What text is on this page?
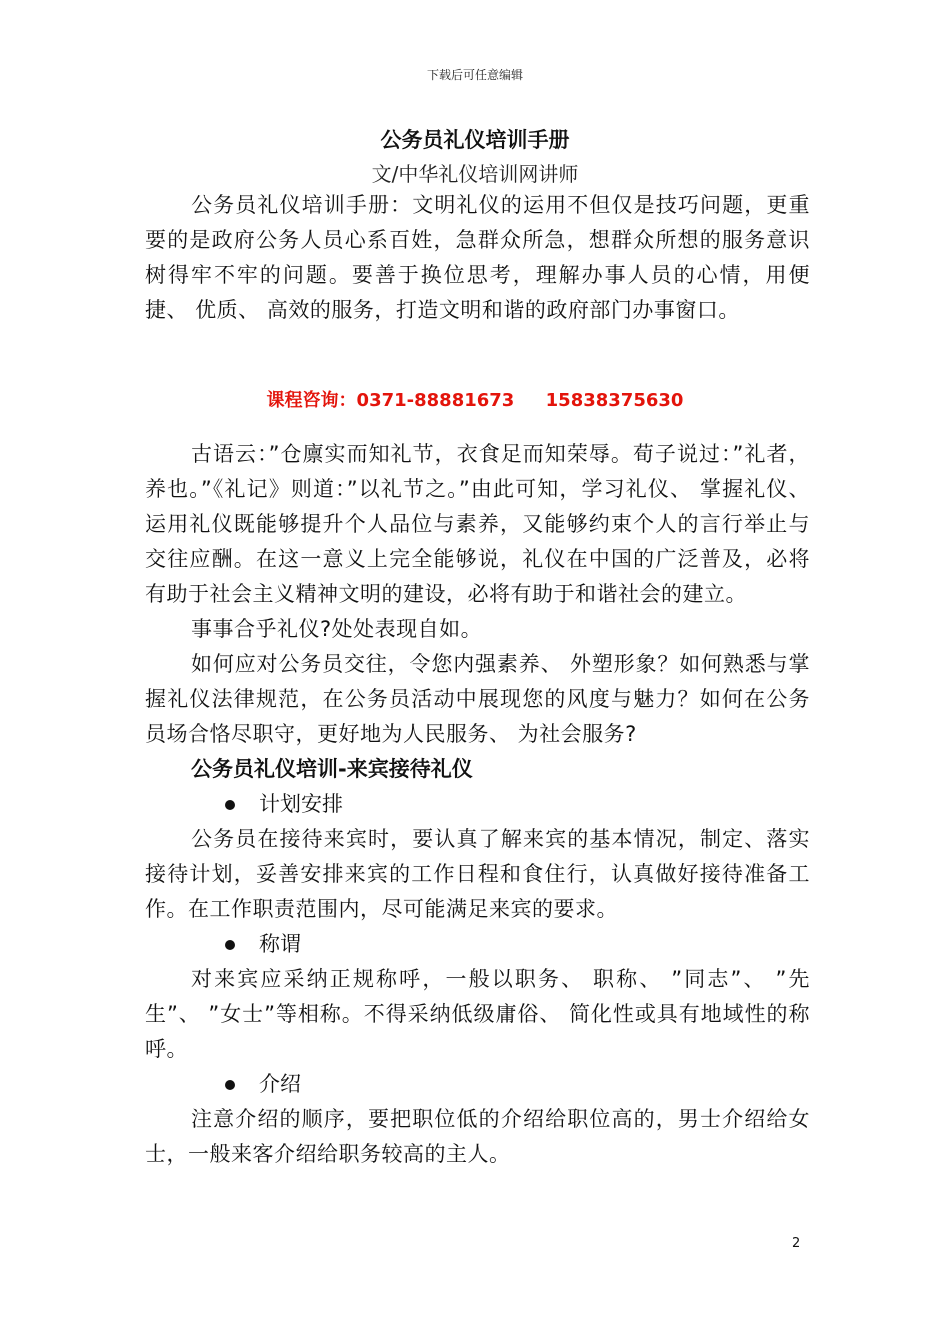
下载后可任意编辑
公务员礼仪培训手册
文/中华礼仪培训网讲师

公务员礼仪培训手册：文明礼仪的运用不但仅是技巧问题，更重要的是政府公务人员心系百姓，急群众所急，想群众所想的服务意识树得牢不牢的问题。要善于换位思考，理解办事人员的心情，用便捷、 优质、 高效的服务，打造文明和谐的政府部门办事窗口。

课程咨询：0371-88881673 15838375630

古语云：”仓廪实而知礼节，衣食足而知荣辱。荀子说过：”礼者，养也。”《礼记》则道：”以礼节之。”由此可知，学习礼仪、 掌握礼仪、 运用礼仪既能够提升个人品位与素养，又能够约束个人的言行举止与交往应酬。在这一意义上完全能够说，礼仪在中国的广泛普及，必将有助于社会主义精神文明的建设，必将有助于和谐社会的建立。

事事合乎礼仪?处处表现自如。

如何应对公务员交往，令您内强素养、 外塑形象？如何熟悉与掌握礼仪法律规范，在公务员活动中展现您的风度与魅力？如何在公务员场合恪尽职守，更好地为人民服务、 为社会服务?

公务员礼仪培训-来宾接待礼仪
计划安排

公务员在接待来宾时，要认真了解来宾的基本情况，制定、落实接待计划，妥善安排来宾的工作日程和食住行，认真做好接待准备工作。在工作职责范围内，尽可能满足来宾的要求。

称谓

对来宾应采纳正规称呼，一般以职务、 职称、 ”同志”、 ”先生”、 ”女士”等相称。不得采纳低级庸俗、 简化性或具有地域性的称呼。

介绍

注意介绍的顺序，要把职位低的介绍给职位高的，男士介绍给女士，一般来客介绍给职务较高的主人。

2
